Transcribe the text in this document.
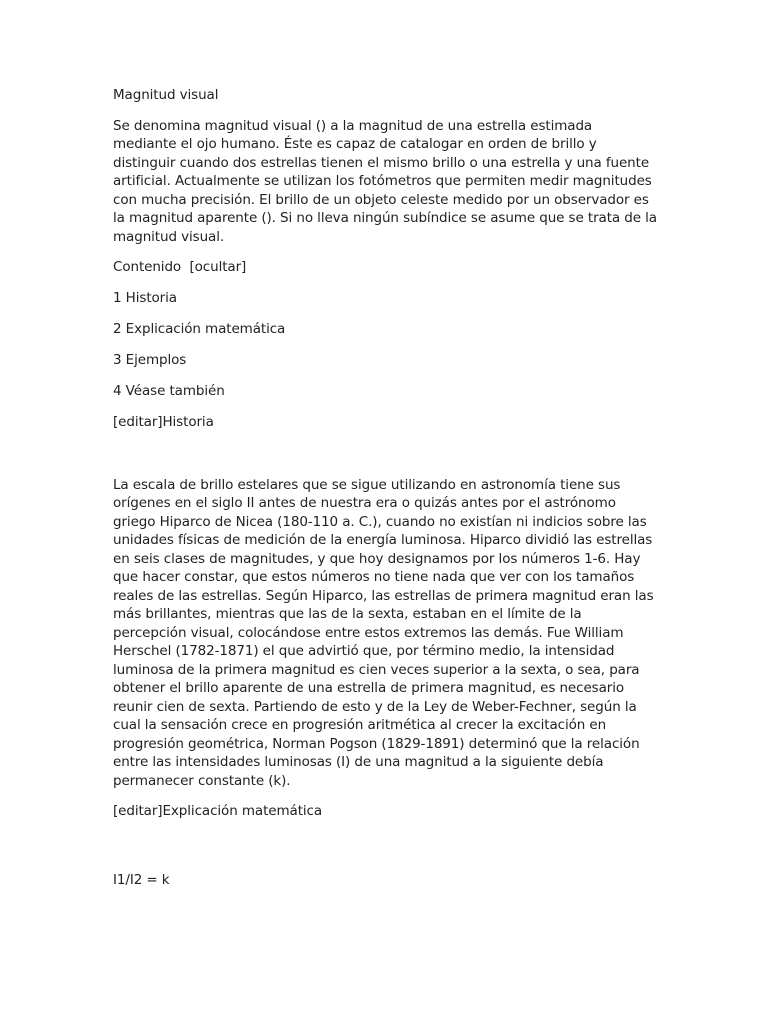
Magnitud visual

Se denomina magnitud visual () a la magnitud de una estrella estimada mediante el ojo humano. Éste es capaz de catalogar en orden de brillo y distinguir cuando dos estrellas tienen el mismo brillo o una estrella y una fuente artificial. Actualmente se utilizan los fotómetros que permiten medir magnitudes con mucha precisión. El brillo de un objeto celeste medido por un observador es la magnitud aparente (). Si no lleva ningún subíndice se asume que se trata de la magnitud visual.

Contenido [ocultar]

1 Historia

2 Explicación matemática

3 Ejemplos

4 Véase también

[editar]Historia

La escala de brillo estelares que se sigue utilizando en astronomía tiene sus orígenes en el siglo II antes de nuestra era o quizás antes por el astrónomo griego Hiparco de Nicea (180-110 a. C.), cuando no existían ni indicios sobre las unidades físicas de medición de la energía luminosa. Hiparco dividió las estrellas en seis clases de magnitudes, y que hoy designamos por los números 1-6. Hay que hacer constar, que estos números no tiene nada que ver con los tamaños reales de las estrellas. Según Hiparco, las estrellas de primera magnitud eran las más brillantes, mientras que las de la sexta, estaban en el límite de la percepción visual, colocándose entre estos extremos las demás. Fue William Herschel (1782-1871) el que advirtió que, por término medio, la intensidad luminosa de la primera magnitud es cien veces superior a la sexta, o sea, para obtener el brillo aparente de una estrella de primera magnitud, es necesario reunir cien de sexta. Partiendo de esto y de la Ley de Weber-Fechner, según la cual la sensación crece en progresión aritmética al crecer la excitación en progresión geométrica, Norman Pogson (1829-1891) determinó que la relación entre las intensidades luminosas (I) de una magnitud a la siguiente debía permanecer constante (k).

[editar]Explicación matemática

I1/I2 = k
